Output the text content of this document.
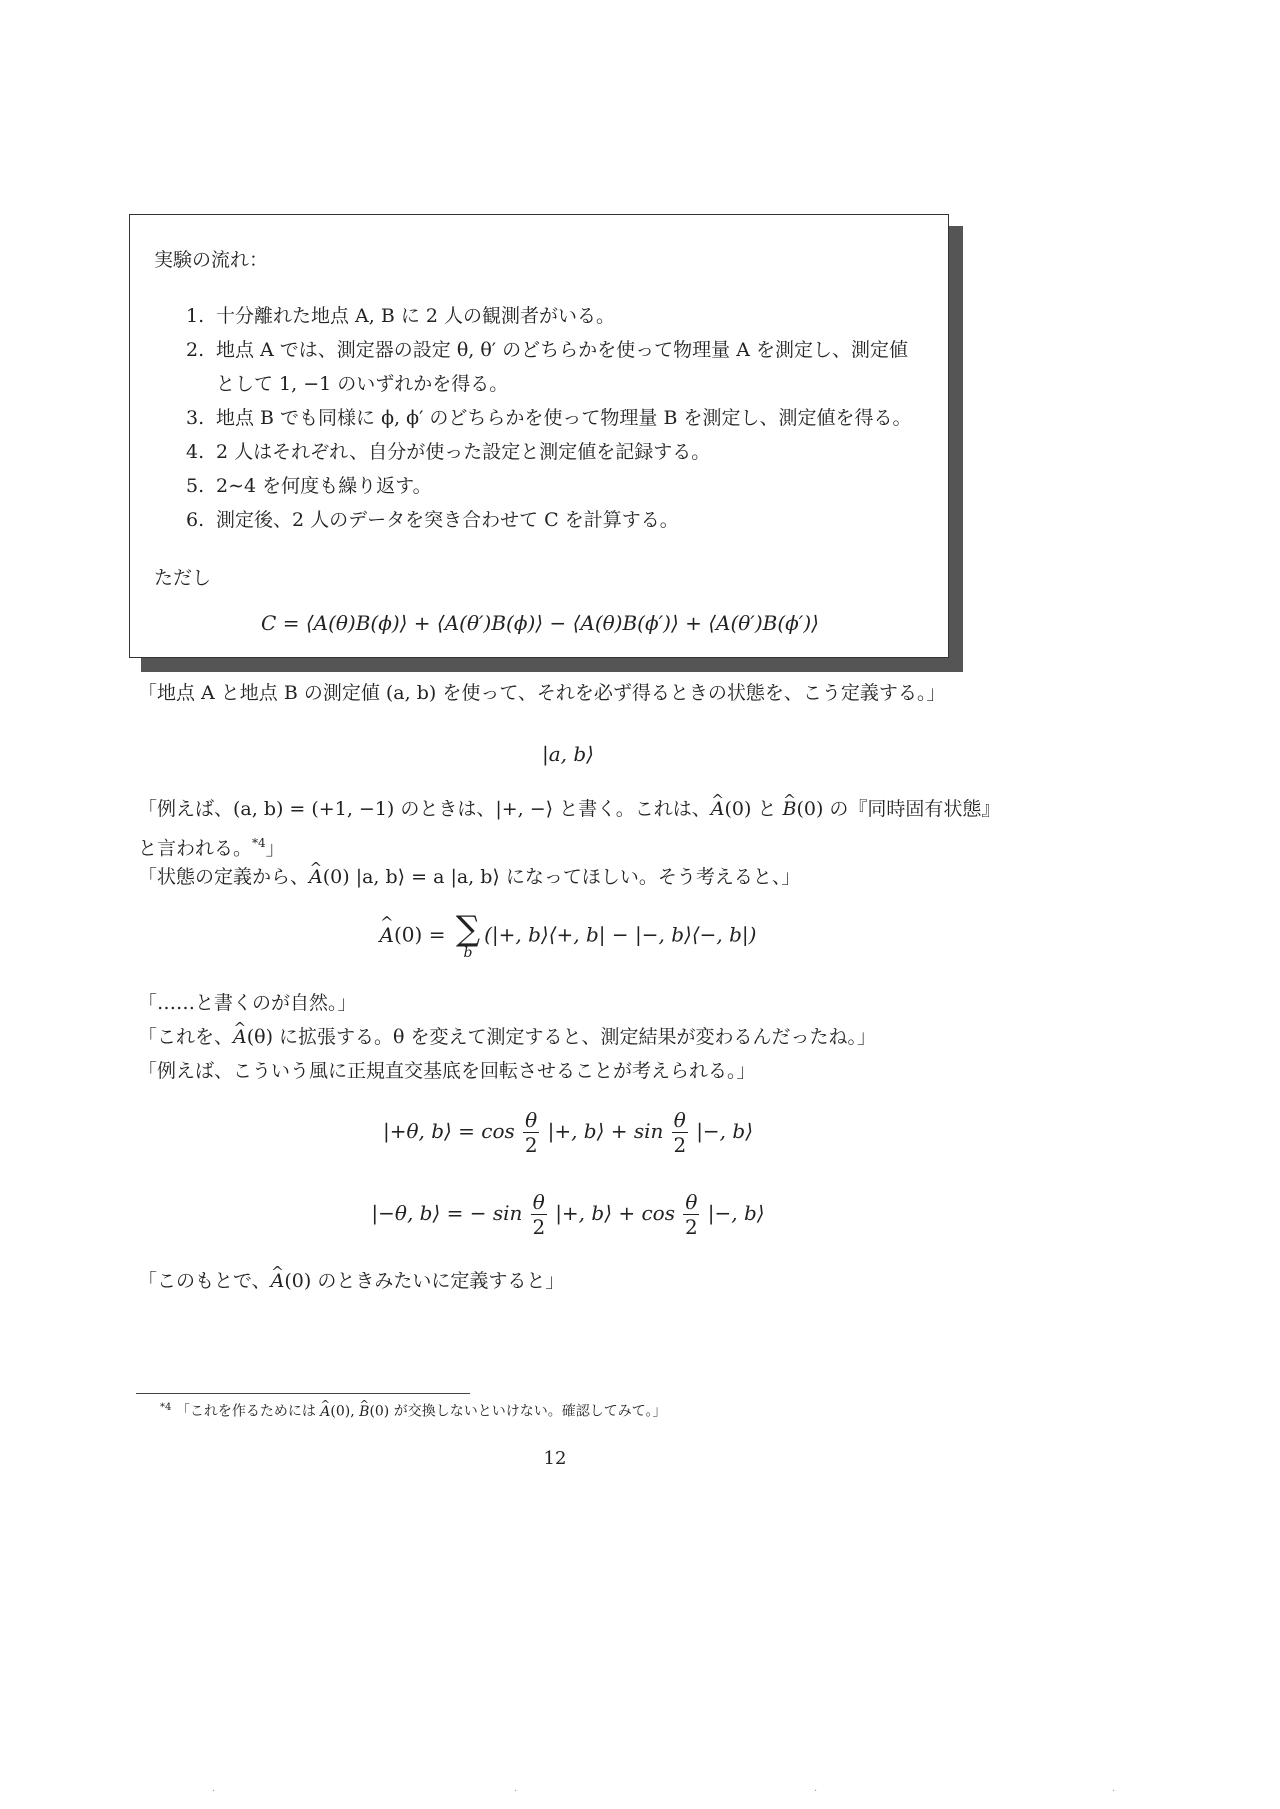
実験の流れ：
1. 十分離れた地点 A, B に 2 人の観測者がいる。
2. 地点 A では、測定器の設定 θ, θ′ のどちらかを使って物理量 A を測定し、測定値として 1, −1 のいずれかを得る。
3. 地点 B でも同様に ϕ, ϕ′ のどちらかを使って物理量 B を測定し、測定値を得る。
4. 2 人はそれぞれ、自分が使った設定と測定値を記録する。
5. 2∼4 を何度も繰り返す。
6. 測定後、2 人のデータを突き合わせて C を計算する。
ただし
C = ⟨A(θ)B(ϕ)⟩ + ⟨A(θ′)B(ϕ)⟩ − ⟨A(θ)B(ϕ′)⟩ + ⟨A(θ′)B(ϕ′)⟩
「地点 A と地点 B の測定値 (a, b) を使って、それを必ず得るときの状態を、こう定義する。」
|a, b⟩
「例えば、(a, b) = (+1, −1) のときは、|+, −⟩ と書く。これは、^ A(0) と ^ B(0) の『同時固有状態』と言われる。$^{*4}$」
「状態の定義から、^ A(0) |a, b⟩ = a |a, b⟩ になってほしい。そう考えると、」
^ A(0) = ∑
b
(|+, b⟩⟨+, b| − |−, b⟩⟨−, b|)
「……と書くのが自然。」
「これを、^ A(θ) に拡張する。θ を変えて測定すると、測定結果が変わるんだったね。」
「例えば、こういう風に正規直交基底を回転させることが考えられる。」
|+θ, b⟩ = $\cos \frac{\theta}{2}$ |+, b⟩ + $\sin \frac{\theta}{2}$ |−, b⟩
|−θ, b⟩ = − $\sin \frac{\theta}{2}$ |+, b⟩ + $\cos \frac{\theta}{2}$ |−, b⟩
「このもとで、^ A(0) のときみたいに定義すると」
$^{*4}$ 「これを作るためには ^ A(0), ^ B(0) が交換しないといけない。確認してみて。」
12
·	·	·	·
